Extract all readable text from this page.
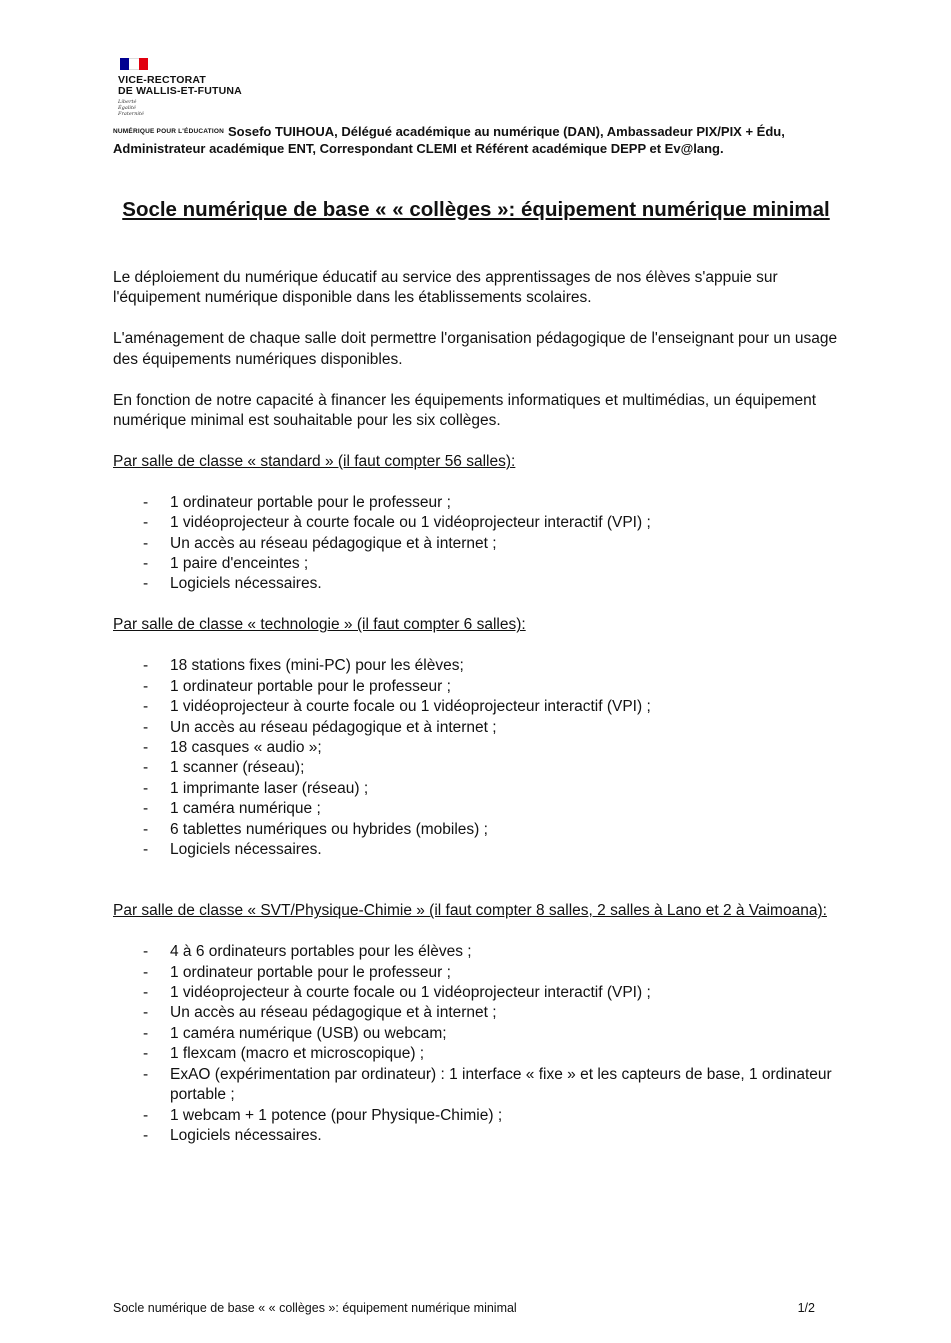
VICE-RECTORAT
DE WALLIS-ET-FUTUNA
Liberté
Égalité
Fraternité
$^{NUMÉRIQUE POUR L'ÉDUCATION}$ Sosefo TUIHOUA, Délégué académique au numérique (DAN), Ambassadeur PIX/PIX + Édu, Administrateur académique ENT, Correspondant CLEMI et Référent académique DEPP et Ev@lang.
Socle numérique de base « « collèges »: équipement numérique minimal

Le déploiement du numérique éducatif au service des apprentissages de nos élèves s'appuie sur l'équipement numérique disponible dans les établissements scolaires.

L'aménagement de chaque salle doit permettre l'organisation pédagogique de l'enseignant pour un usage des équipements numériques disponibles.

En fonction de notre capacité à financer les équipements informatiques et multimédias, un équipement numérique minimal est souhaitable pour les six collèges.

Par salle de classe « standard » (il faut compter 56 salles):
- 1 ordinateur portable pour le professeur ;
- 1 vidéoprojecteur à courte focale ou 1 vidéoprojecteur interactif (VPI) ;
- Un accès au réseau pédagogique et à internet ;
- 1 paire d'enceintes ;
- Logiciels nécessaires.
Par salle de classe « technologie » (il faut compter 6 salles):
- 18 stations fixes (mini-PC) pour les élèves;
- 1 ordinateur portable pour le professeur ;
- 1 vidéoprojecteur à courte focale ou 1 vidéoprojecteur interactif (VPI) ;
- Un accès au réseau pédagogique et à internet ;
- 18 casques « audio »;
- 1 scanner (réseau);
- 1 imprimante laser (réseau) ;
- 1 caméra numérique ;
- 6 tablettes numériques ou hybrides (mobiles) ;
- Logiciels nécessaires.
Par salle de classe « SVT/Physique-Chimie » (il faut compter 8 salles, 2 salles à Lano et 2 à Vaimoana):
- 4 à 6 ordinateurs portables pour les élèves ;
- 1 ordinateur portable pour le professeur ;
- 1 vidéoprojecteur à courte focale ou 1 vidéoprojecteur interactif (VPI) ;
- Un accès au réseau pédagogique et à internet ;
- 1 caméra numérique (USB) ou webcam;
- 1 flexcam (macro et microscopique) ;
- ExAO (expérimentation par ordinateur) : 1 interface « fixe » et les capteurs de base, 1 ordinateur portable ;
- 1 webcam + 1 potence (pour Physique-Chimie) ;
- Logiciels nécessaires.
Socle numérique de base « « collèges »: équipement numérique minimal	1/2
